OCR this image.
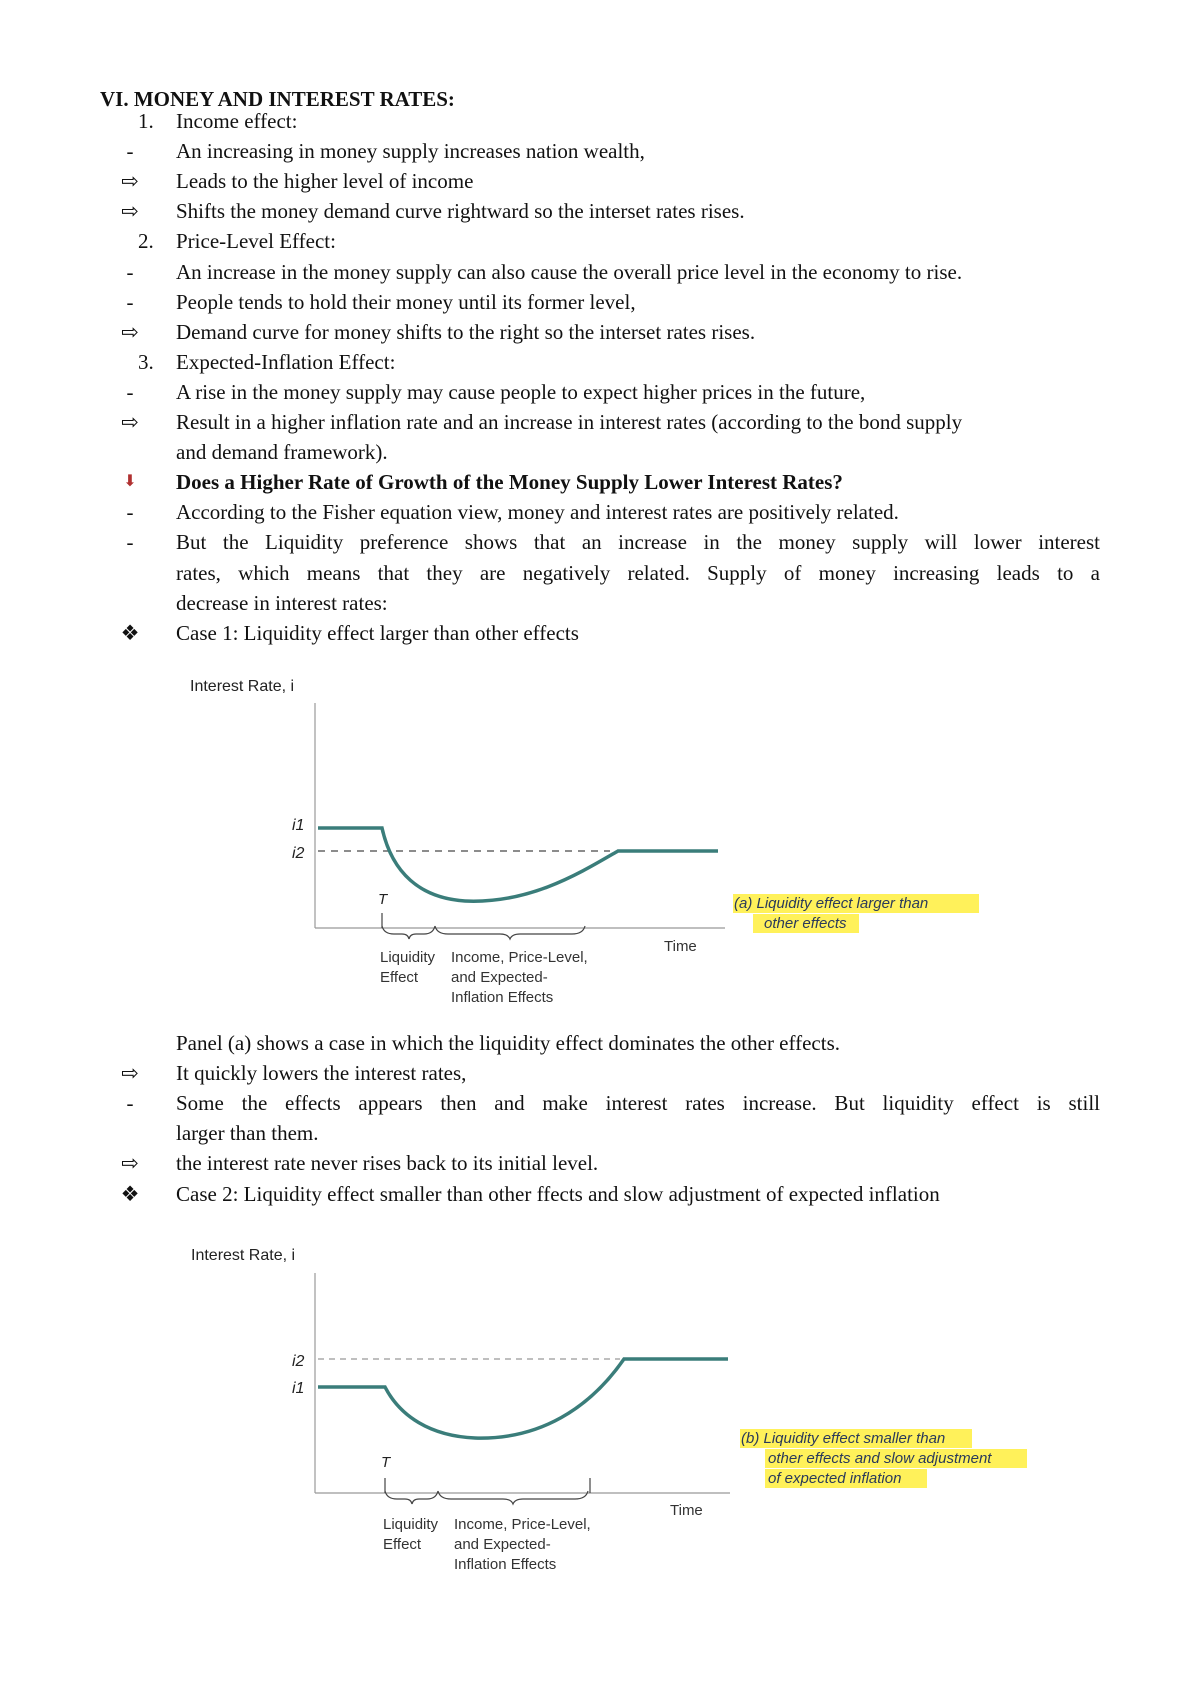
VI. MONEY AND INTEREST RATES:
1.	Income effect:
-	An increasing in money supply increases nation wealth,
⇨	Leads to the higher level of income
⇨	Shifts the money demand curve rightward so the interset rates rises.
2.	Price-Level Effect:
-	An increase in the money supply can also cause the overall price level in the economy to rise.
-	People tends to hold their money until its former level,
⇨	Demand curve for money shifts to the right so the interset rates rises.
3.	Expected-Inflation Effect:
-	A rise in the money supply may cause people to expect higher prices in the future,
⇨	Result in a higher inflation rate and an increase in interest rates (according to the bond supply
and demand framework).
⬇	Does a Higher Rate of Growth of the Money Supply Lower Interest Rates?
-	According to the Fisher equation view, money and interest rates are positively related.
-	But the Liquidity preference shows that an increase in the money supply will lower interest
rates, which means that they are negatively related. Supply of money increasing leads to a
decrease in interest rates:
❖	Case 1: Liquidity effect larger than other effects
Interest Rate, i
i1
i2
T
Liquidity Effect
Income, Price-Level, and Expected- Inflation Effects
Time
(a) Liquidity effect larger than other effects
Panel (a) shows a case in which the liquidity effect dominates the other effects.
⇨	It quickly lowers the interest rates,
-	Some the effects appears then and make interest rates increase. But liquidity effect is still
larger than them.
⇨	the interest rate never rises back to its initial level.
❖	Case 2: Liquidity effect smaller than other ffects and slow adjustment of expected inflation
Interest Rate, i
i2
i1
T
Liquidity Effect
Income, Price-Level, and Expected- Inflation Effects
Time
(b) Liquidity effect smaller than other effects and slow adjustment of expected inflation
